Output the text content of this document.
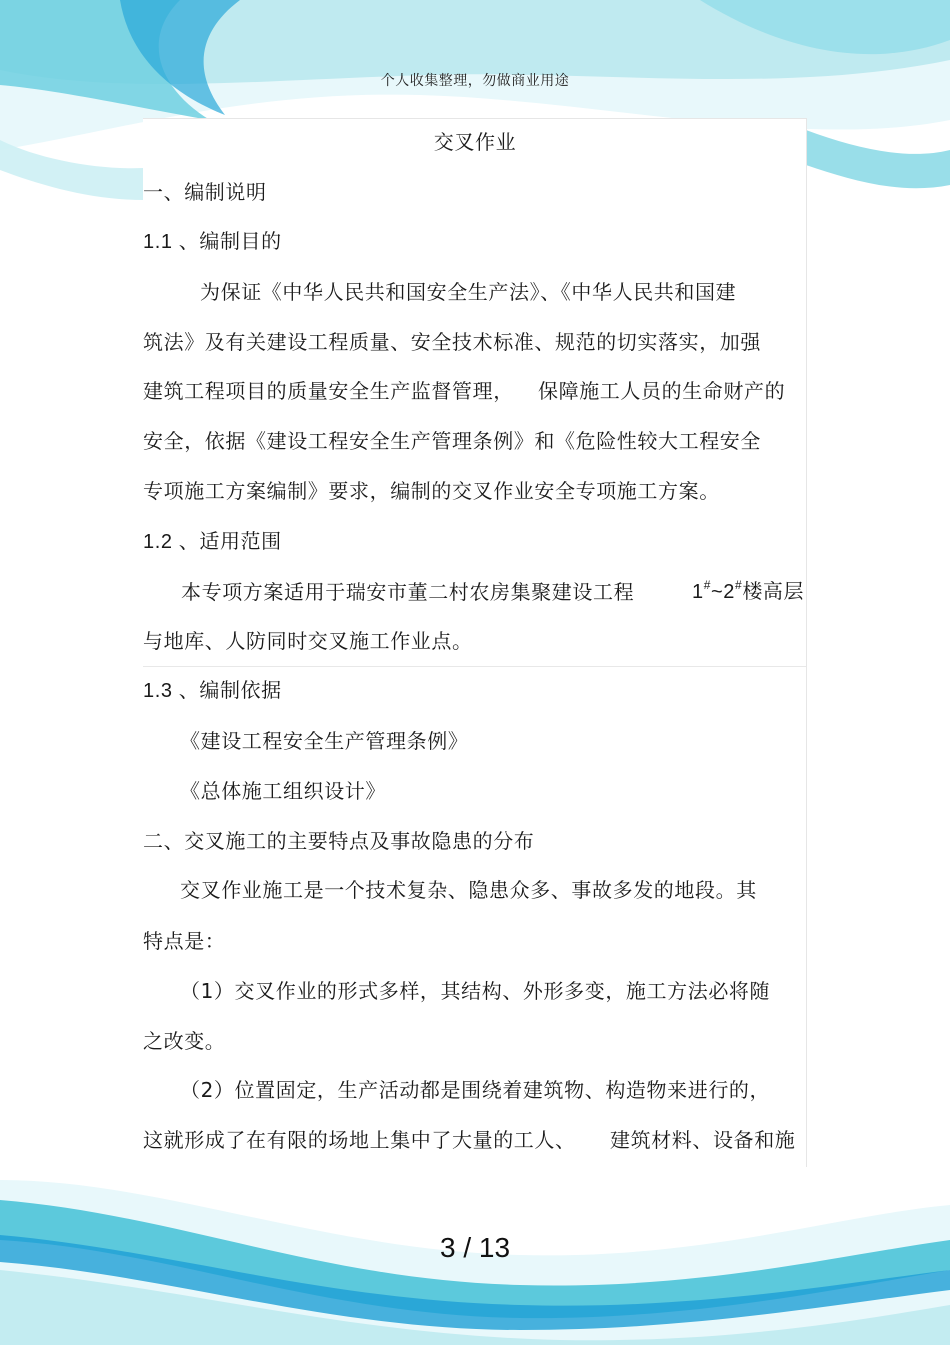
个人收集整理，勿做商业用途
交叉作业
一、编制说明
1.1 、编制目的
为保证《中华人民共和国安全生产法》、《中华人民共和国建
筑法》及有关建设工程质量、安全技术标准、规范的切实落实，加强
建筑工程项目的质量安全生产监督管理， 保障施工人员的生命财产的
安全，依据《建设工程安全生产管理条例》和《危险性较大工程安全
专项施工方案编制》要求，编制的交叉作业安全专项施工方案。
1.2 、适用范围
本专项方案适用于瑞安市董二村农房集聚建设工程	1#~2#楼高层
与地库、人防同时交叉施工作业点。
1.3 、编制依据
《建设工程安全生产管理条例》
《总体施工组织设计》
二、交叉施工的主要特点及事故隐患的分布
交叉作业施工是一个技术复杂、隐患众多、事故多发的地段。其
特点是：
（1）交叉作业的形式多样，其结构、外形多变，施工方法必将随
之改变。
（2）位置固定，生产活动都是围绕着建筑物、构造物来进行的，
这就形成了在有限的场地上集中了大量的工人、 建筑材料、设备和施
3 / 13
